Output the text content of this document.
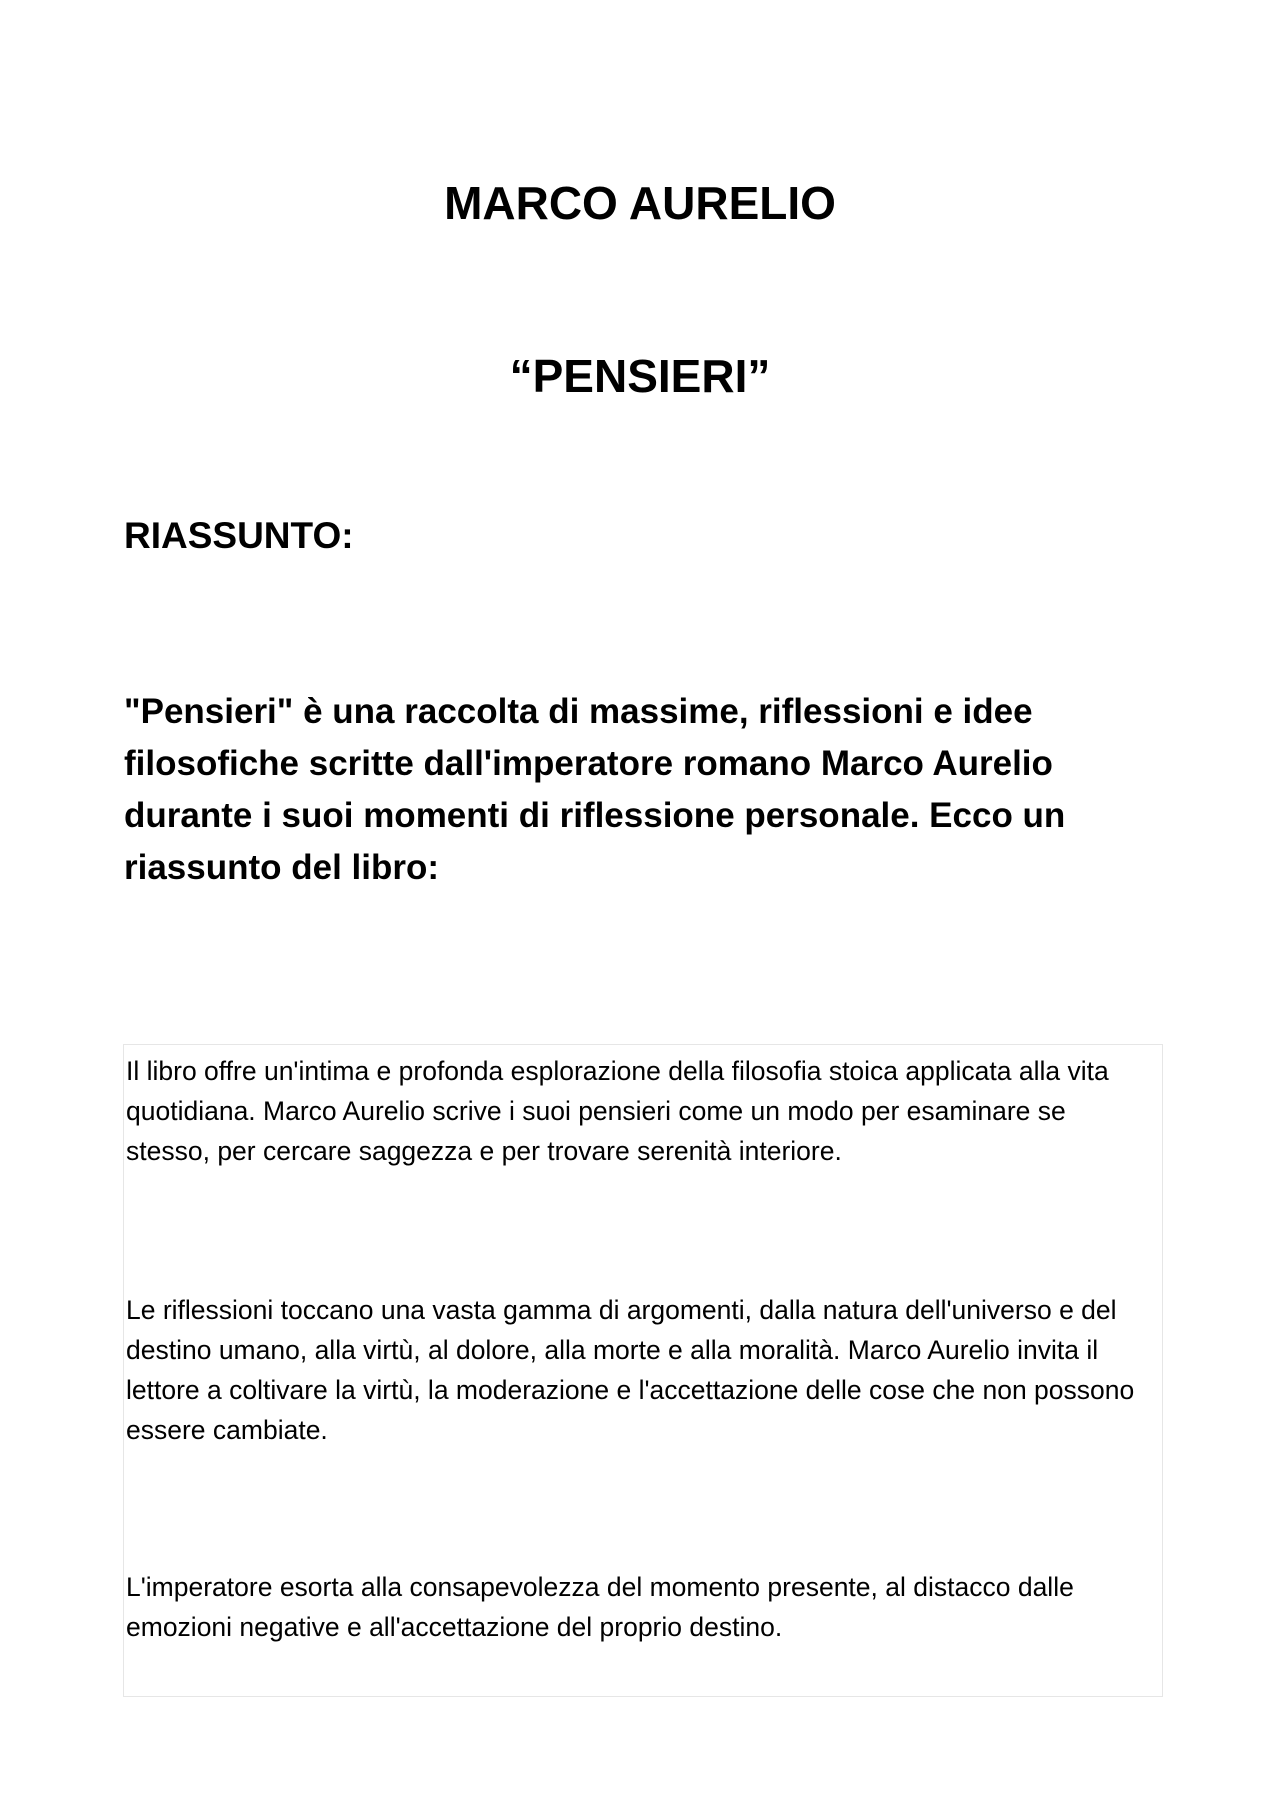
MARCO AURELIO
“PENSIERI”
RIASSUNTO:

"Pensieri" è una raccolta di massime, riflessioni e idee filosofiche scritte dall'imperatore romano Marco Aurelio durante i suoi momenti di riflessione personale. Ecco un riassunto del libro:

Il libro offre un'intima e profonda esplorazione della filosofia stoica applicata alla vita quotidiana. Marco Aurelio scrive i suoi pensieri come un modo per esaminare se stesso, per cercare saggezza e per trovare serenità interiore.

Le riflessioni toccano una vasta gamma di argomenti, dalla natura dell'universo e del destino umano, alla virtù, al dolore, alla morte e alla moralità. Marco Aurelio invita il lettore a coltivare la virtù, la moderazione e l'accettazione delle cose che non possono essere cambiate.

L'imperatore esorta alla consapevolezza del momento presente, al distacco dalle emozioni negative e all'accettazione del proprio destino.
